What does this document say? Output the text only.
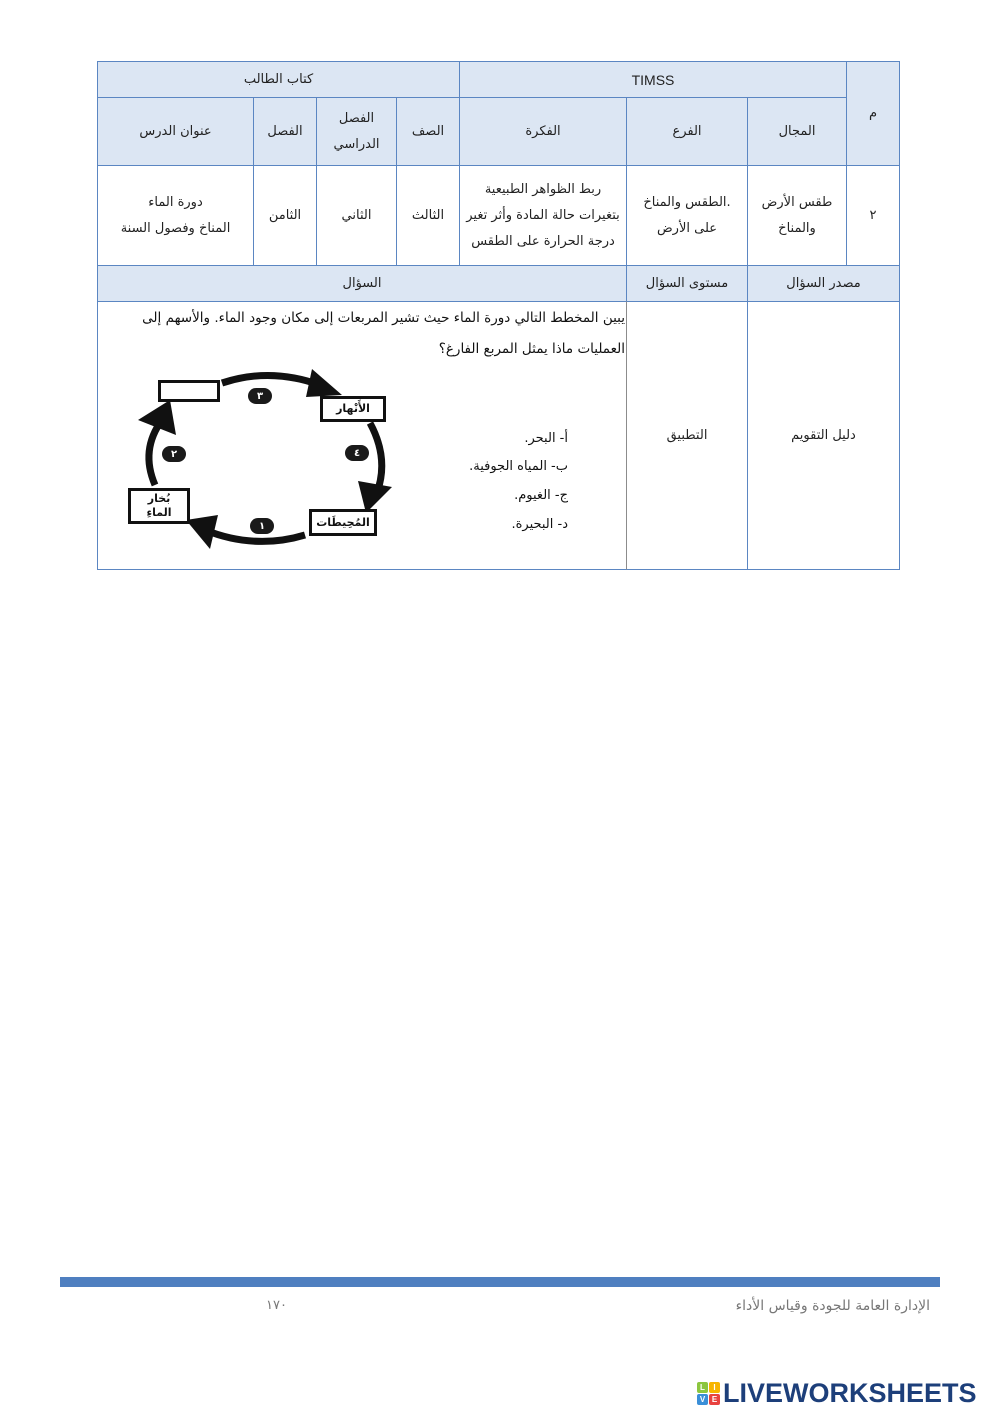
م
TIMSS
كتاب الطالب
المجال
الفرع
الفكرة
الصف
الفصل
الدراسي
الفصل
عنوان الدرس
٢
طقس الأرض
والمناخ
.الطقس والمناخ
على الأرض
ربط الظواهر الطبيعية
بتغيرات حالة المادة وأثر تغير
درجة الحرارة على الطقس
الثالث
الثاني
الثامن
دورة الماء
المناخ وفصول السنة
مصدر السؤال
مستوى السؤال
السؤال
دليل التقويم
التطبيق
يبين المخطط التالي دورة الماء حيث تشير المربعات إلى مكان وجود الماء. والأسهم إلى
العمليات ماذا يمثل المربع الفارغ؟
أ- البحر.
ب- المياه الجوفية.
ج- الغيوم.
د- البحيرة.
الأَنْهار
المُحِيطَات
بُخار
الماءِ
١
٢
٣
٤
١٧٠	الإدارة العامة للجودة وقياس الأداء
L	I
V E LIVEWORKSHEETS
